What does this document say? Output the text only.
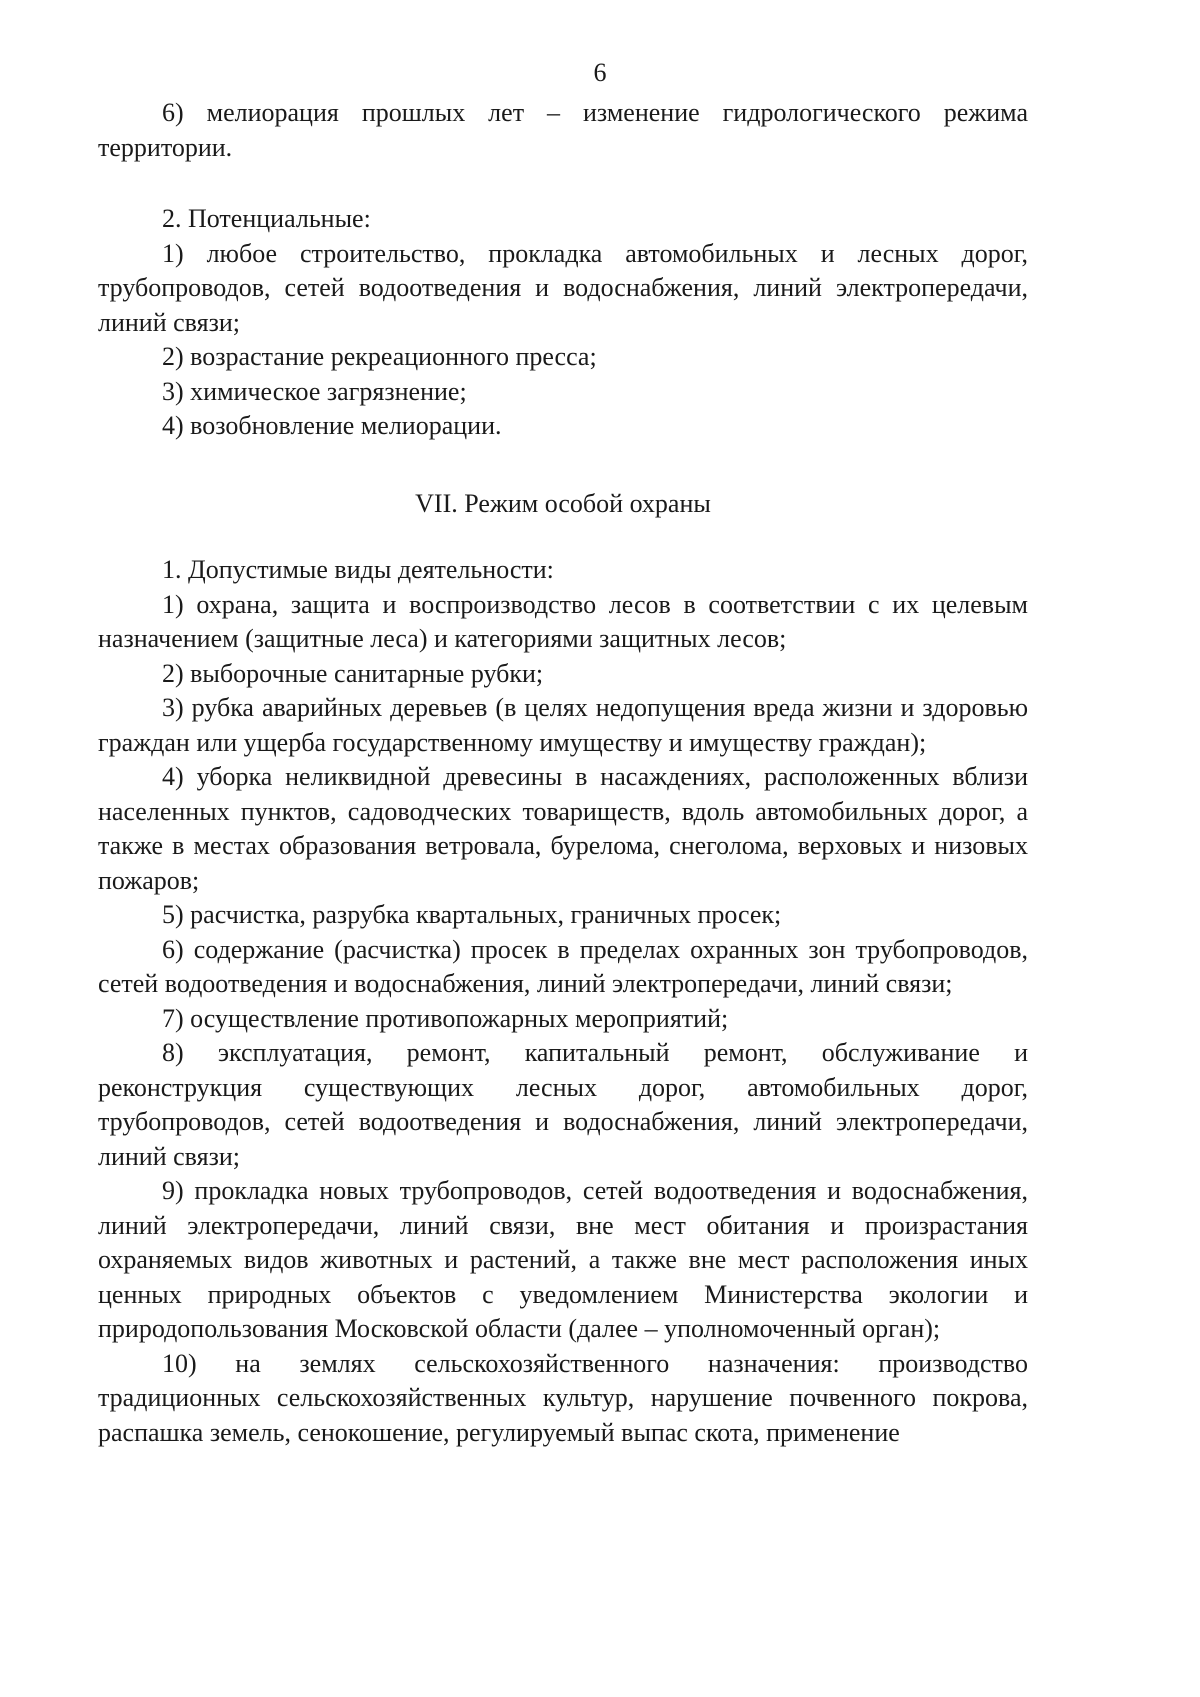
6

6) мелиорация прошлых лет – изменение гидрологического режима территории.

2. Потенциальные:

1) любое строительство, прокладка автомобильных и лесных дорог, трубопроводов, сетей водоотведения и водоснабжения, линий электропередачи, линий связи;

2) возрастание рекреационного пресса;

3) химическое загрязнение;

4) возобновление мелиорации.

VII. Режим особой охраны

1. Допустимые виды деятельности:

1) охрана, защита и воспроизводство лесов в соответствии с их целевым назначением (защитные леса) и категориями защитных лесов;

2) выборочные санитарные рубки;

3) рубка аварийных деревьев (в целях недопущения вреда жизни и здоровью граждан или ущерба государственному имуществу и имуществу граждан);

4) уборка неликвидной древесины в насаждениях, расположенных вблизи населенных пунктов, садоводческих товариществ, вдоль автомобильных дорог, а также в местах образования ветровала, бурелома, снеголома, верховых и низовых пожаров;

5) расчистка, разрубка квартальных, граничных просек;

6) содержание (расчистка) просек в пределах охранных зон трубопроводов, сетей водоотведения и водоснабжения, линий электропередачи, линий связи;

7) осуществление противопожарных мероприятий;

8) эксплуатация, ремонт, капитальный ремонт, обслуживание и реконструкция существующих лесных дорог, автомобильных дорог, трубопроводов, сетей водоотведения и водоснабжения, линий электропередачи, линий связи;

9) прокладка новых трубопроводов, сетей водоотведения и водоснабжения, линий электропередачи, линий связи, вне мест обитания и произрастания охраняемых видов животных и растений, а также вне мест расположения иных ценных природных объектов с уведомлением Министерства экологии и природопользования Московской области (далее – уполномоченный орган);

10) на землях сельскохозяйственного назначения: производство традиционных сельскохозяйственных культур, нарушение почвенного покрова, распашка земель, сенокошение, регулируемый выпас скота, применение
